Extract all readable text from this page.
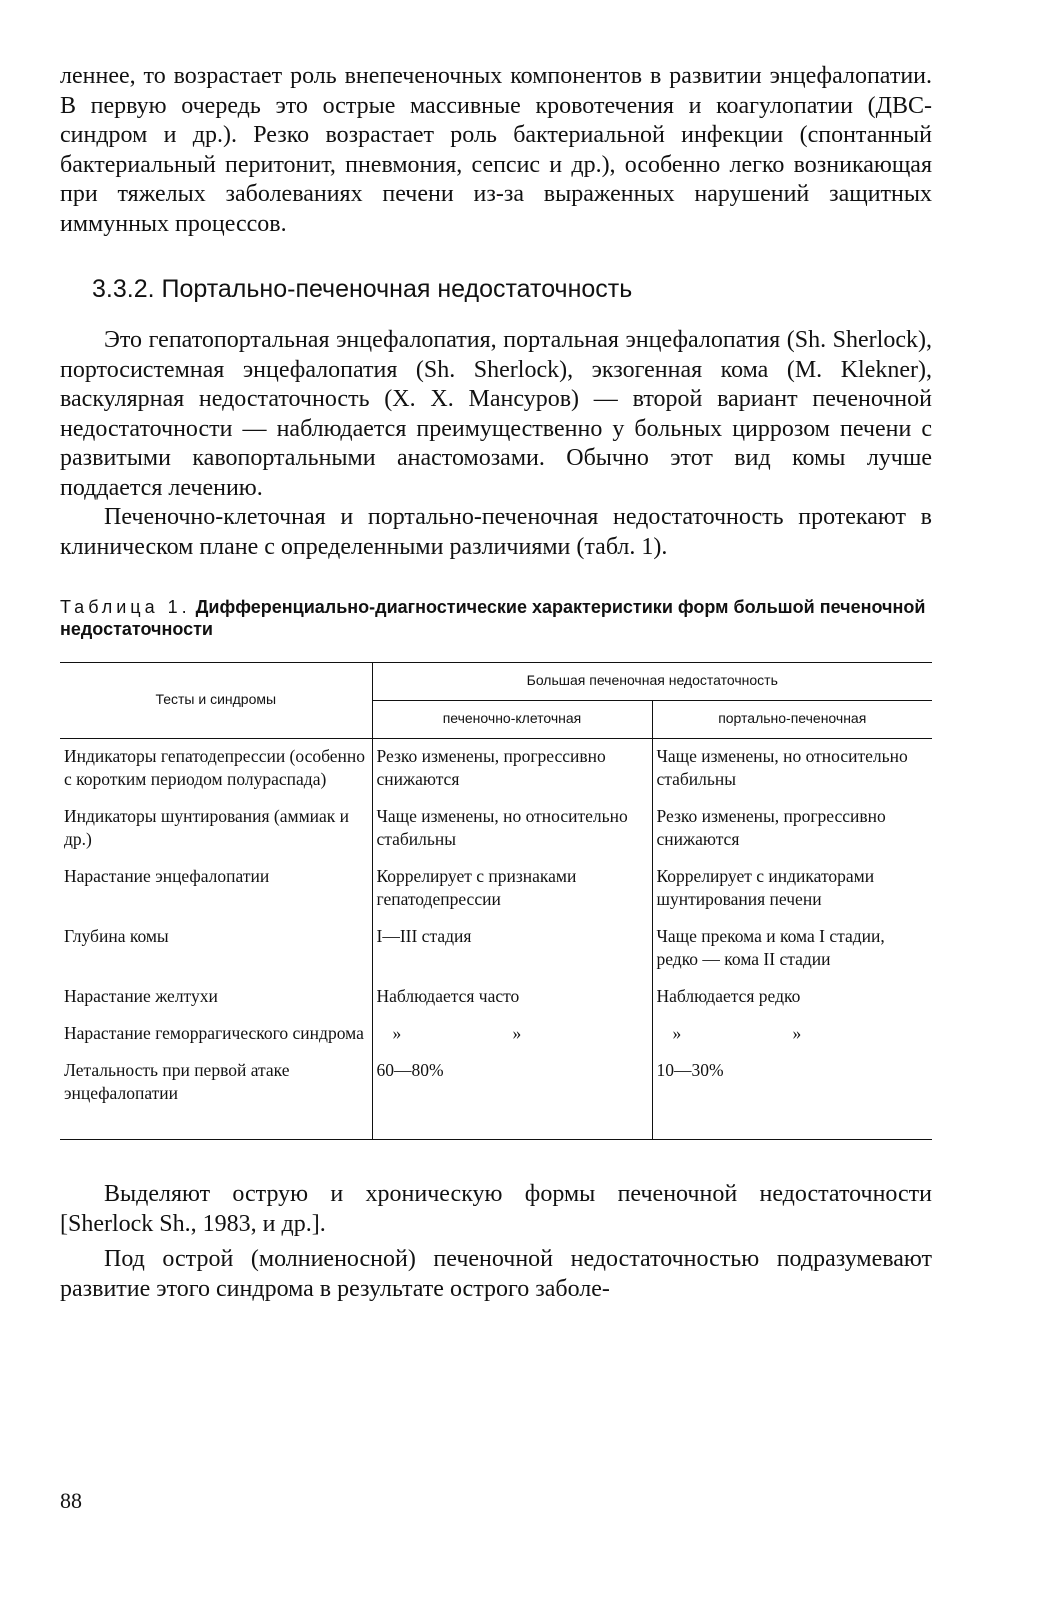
леннее, то возрастает роль внепеченочных компонентов в развитии энцефалопатии. В первую очередь это острые массивные кровотечения и коагулопатии (ДВС-синдром и др.). Резко возрастает роль бактериальной инфекции (спонтанный бактериальный перитонит, пневмония, сепсис и др.), особенно легко возникающая при тяжелых заболеваниях печени из-за выраженных нарушений защитных иммунных процессов.

3.3.2. Портально-печеночная недостаточность

Это гепатопортальная энцефалопатия, портальная энцефалопатия (Sh. Sherlock), портосистемная энцефалопатия (Sh. Sherlock), экзогенная кома (M. Klekner), васкулярная недостаточность (X. X. Мансуров) — второй вариант печеночной недостаточности — наблюдается преимущественно у больных циррозом печени с развитыми кавопортальными анастомозами. Обычно этот вид комы лучше поддается лечению.

Печеночно-клеточная и портально-печеночная недостаточность протекают в клиническом плане с определенными различиями (табл. 1).

Таблица 1. Дифференциально-диагностические характеристики форм большой печеночной недостаточности
Тесты и синдромы	Большая печеночная недостаточность	
	печеночно-клеточная	портально-печеночная
Индикаторы гепатодепрессии (особенно с коротким периодом полураспада)	Резко изменены, прогрессивно снижаются	Чаще изменены, но относительно стабильны
Индикаторы шунтирования (аммиак и др.)	Чаще изменены, но относительно стабильны	Резко изменены, прогрессивно снижаются
Нарастание энцефалопатии	Коррелирует с признаками гепатодепрессии	Коррелирует с индикаторами шунтирования печени
Глубина комы	I—III стадия	Чаще прекома и кома I стадии, редко — кома II стадии
Нарастание желтухи	Наблюдается часто	Наблюдается редко
Нарастание геморрагического синдрома	» »	» »
Летальность при первой атаке энцефалопатии	60—80%	10—30%

Выделяют острую и хроническую формы печеночной недостаточности [Sherlock Sh., 1983, и др.].

Под острой (молниеносной) печеночной недостаточностью подразумевают развитие этого синдрома в результате острого заболе-

88
